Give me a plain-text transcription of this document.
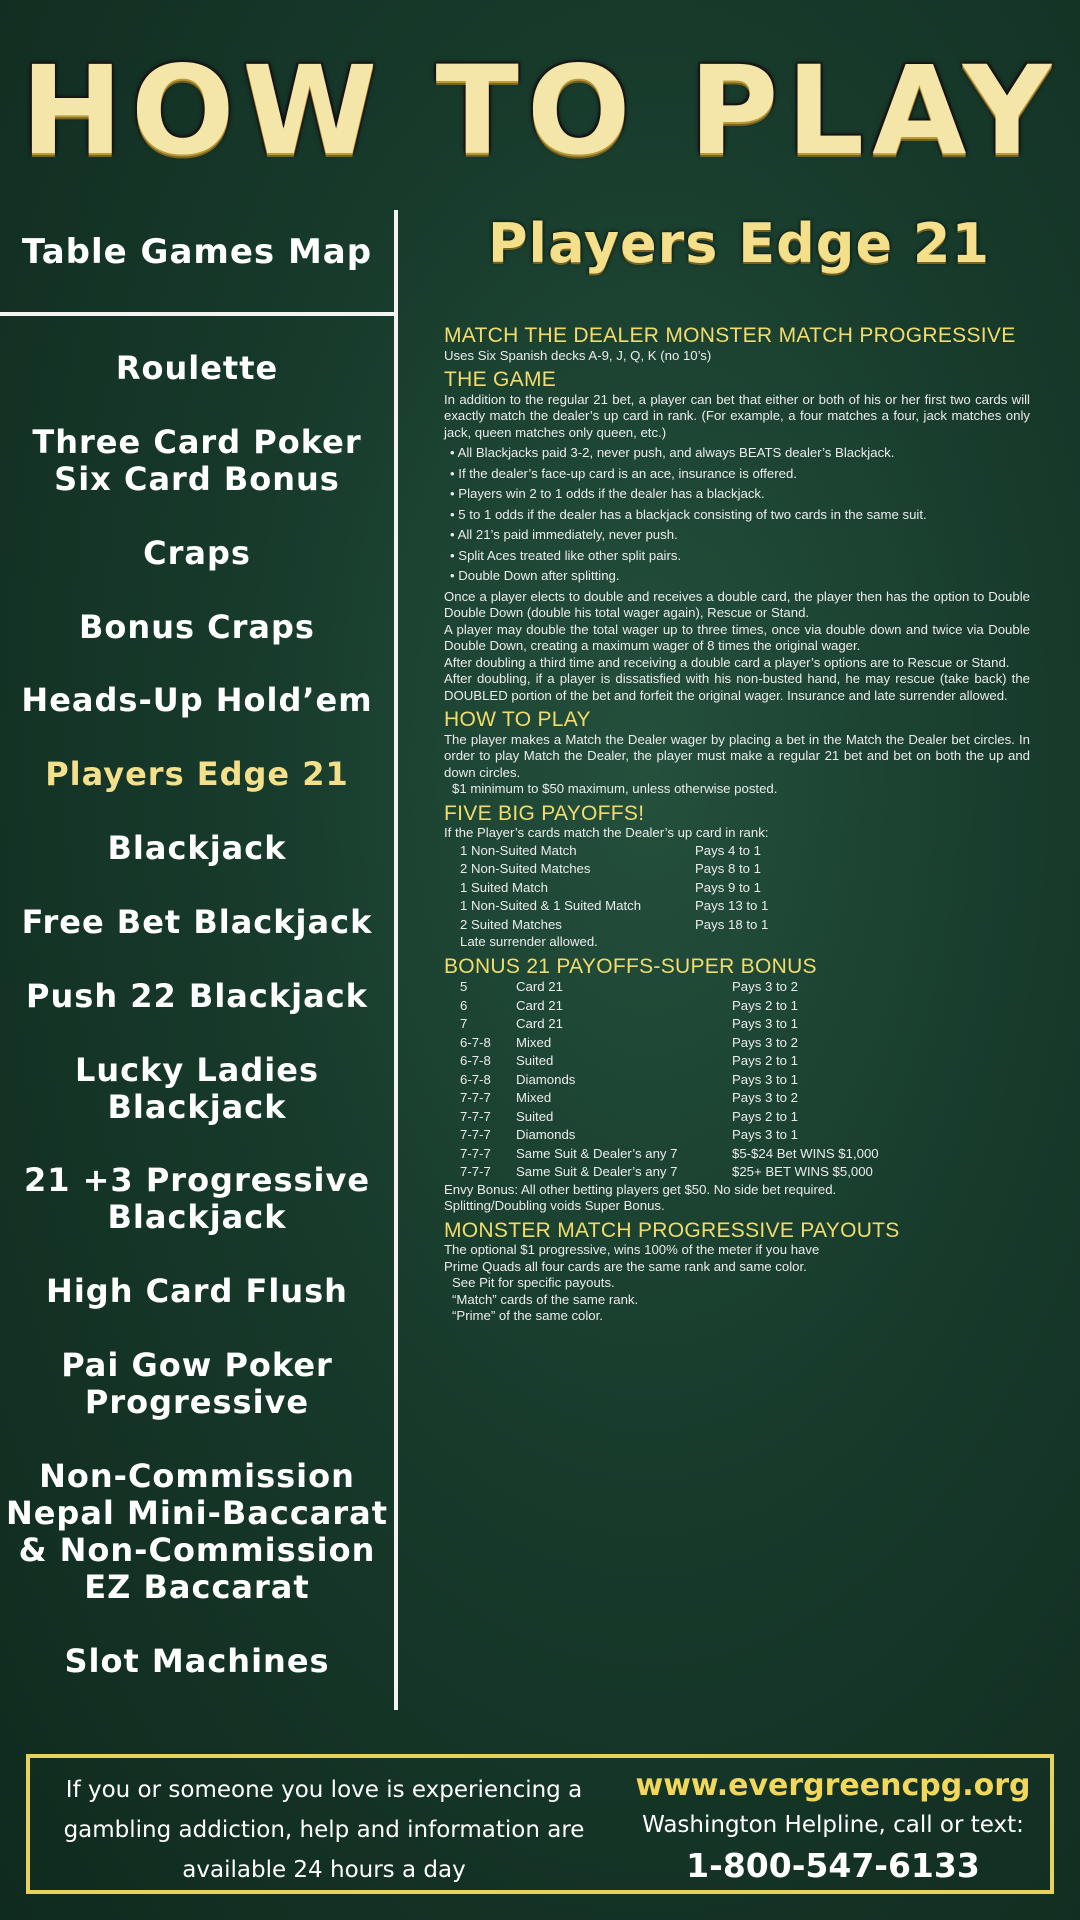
HOW TO PLAY
Table Games Map
Roulette
Three Card Poker
Six Card Bonus
Craps
Bonus Craps
Heads-Up Hold’em
Players Edge 21
Blackjack
Free Bet Blackjack
Push 22 Blackjack
Lucky Ladies
Blackjack
21 +3 Progressive
Blackjack
High Card Flush
Pai Gow Poker
Progressive
Non-Commission
Nepal Mini-Baccarat
& Non-Commission
EZ Baccarat
Slot Machines
Players Edge 21
MATCH THE DEALER MONSTER MATCH PROGRESSIVE

Uses Six Spanish decks A-9, J, Q, K (no 10’s)

THE GAME

In addition to the regular 21 bet, a player can bet that either or both of his or her first two cards will exactly match the dealer’s up card in rank. (For example, a four matches a four, jack matches only jack, queen matches only queen, etc.)

• All Blackjacks paid 3-2, never push, and always BEATS dealer’s Blackjack.
• If the dealer’s face-up card is an ace, insurance is offered.
• Players win 2 to 1 odds if the dealer has a blackjack.
• 5 to 1 odds if the dealer has a blackjack consisting of two cards in the same suit.
• All 21’s paid immediately, never push.
• Split Aces treated like other split pairs.
• Double Down after splitting.

Once a player elects to double and receives a double card, the player then has the option to Double Double Down (double his total wager again), Rescue or Stand.

A player may double the total wager up to three times, once via double down and twice via Double Double Down, creating a maximum wager of 8 times the original wager.

After doubling a third time and receiving a double card a player’s options are to Rescue or Stand.

After doubling, if a player is dissatisfied with his non-busted hand, he may rescue (take back) the DOUBLED portion of the bet and forfeit the original wager. Insurance and late surrender allowed.

HOW TO PLAY

The player makes a Match the Dealer wager by placing a bet in the Match the Dealer bet circles. In order to play Match the Dealer, the player must make a regular 21 bet and bet on both the up and down circles.

$1 minimum to $50 maximum, unless otherwise posted.

FIVE BIG PAYOFFS!

If the Player’s cards match the Dealer’s up card in rank:

1 Non-Suited Match	Pays 4 to 1
2 Non-Suited Matches	Pays 8 to 1
1 Suited Match	Pays 9 to 1
1 Non-Suited & 1 Suited Match	Pays 13 to 1
2 Suited Matches	Pays 18 to 1

Late surrender allowed.

BONUS 21 PAYOFFS-SUPER BONUS
5	Card 21	Pays 3 to 2
6	Card 21	Pays 2 to 1
7	Card 21	Pays 3 to 1
6-7-8	Mixed	Pays 3 to 2
6-7-8	Suited	Pays 2 to 1
6-7-8	Diamonds	Pays 3 to 1
7-7-7	Mixed	Pays 3 to 2
7-7-7	Suited	Pays 2 to 1
7-7-7	Diamonds	Pays 3 to 1
7-7-7	Same Suit & Dealer’s any 7	$5-$24 Bet WINS $1,000
7-7-7	Same Suit & Dealer’s any 7	$25+ BET WINS $5,000

Envy Bonus: All other betting players get $50. No side bet required.

Splitting/Doubling voids Super Bonus.

MONSTER MATCH PROGRESSIVE PAYOUTS

The optional $1 progressive, wins 100% of the meter if you have

Prime Quads all four cards are the same rank and same color.

See Pit for specific payouts.

“Match” cards of the same rank.

“Prime” of the same color.

If you or someone you love is experiencing a gambling addiction, help and information are available 24 hours a day
www.evergreencpg.org
Washington Helpline, call or text:
1-800-547-6133
